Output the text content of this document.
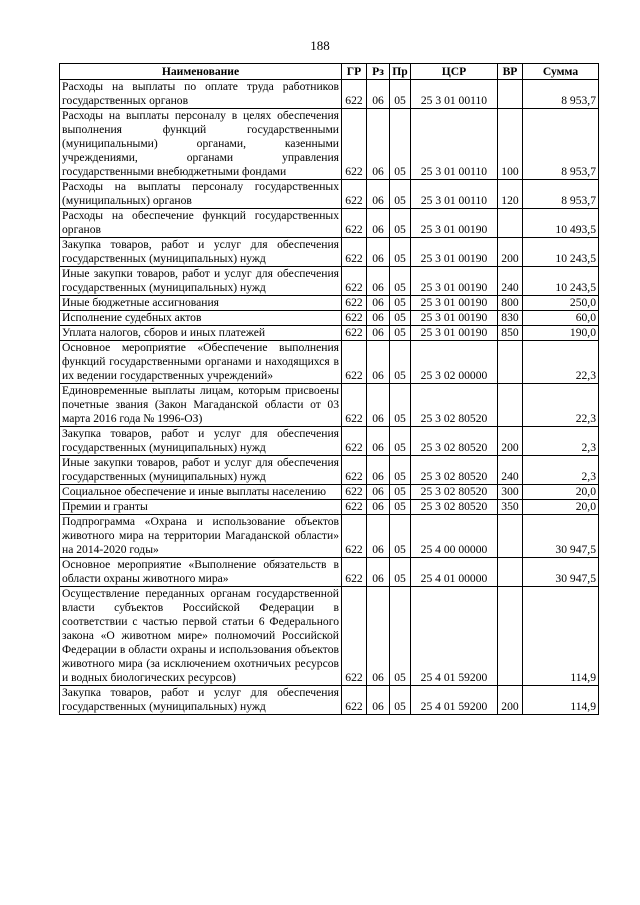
188
Наименование	ГР	Рз	Пр	ЦСР	ВР	Сумма
Расходы на выплаты по оплате труда работников государственных органов	622	06	05	25 3 01 00110		8 953,7
Расходы на выплаты персоналу в целях обеспечения выполнения функций государственными (муниципальными) органами, казенными учреждениями, органами управления государственными внебюджетными фондами	622	06	05	25 3 01 00110	100	8 953,7
Расходы на выплаты персоналу государственных (муниципальных) органов	622	06	05	25 3 01 00110	120	8 953,7
Расходы на обеспечение функций государственных органов	622	06	05	25 3 01 00190		10 493,5
Закупка товаров, работ и услуг для обеспечения государственных (муниципальных) нужд	622	06	05	25 3 01 00190	200	10 243,5
Иные закупки товаров, работ и услуг для обеспечения государственных (муниципальных) нужд	622	06	05	25 3 01 00190	240	10 243,5
Иные бюджетные ассигнования	622	06	05	25 3 01 00190	800	250,0
Исполнение судебных актов	622	06	05	25 3 01 00190	830	60,0
Уплата налогов, сборов и иных платежей	622	06	05	25 3 01 00190	850	190,0
Основное мероприятие «Обеспечение выполнения функций государственными органами и находящихся в их ведении государственных учреждений»	622	06	05	25 3 02 00000		22,3
Единовременные выплаты лицам, которым присвоены почетные звания (Закон Магаданской области от 03 марта 2016 года № 1996-ОЗ)	622	06	05	25 3 02 80520		22,3
Закупка товаров, работ и услуг для обеспечения государственных (муниципальных) нужд	622	06	05	25 3 02 80520	200	2,3
Иные закупки товаров, работ и услуг для обеспечения государственных (муниципальных) нужд	622	06	05	25 3 02 80520	240	2,3
Социальное обеспечение и иные выплаты населению	622	06	05	25 3 02 80520	300	20,0
Премии и гранты	622	06	05	25 3 02 80520	350	20,0
Подпрограмма «Охрана и использование объектов животного мира на территории Магаданской области» на 2014-2020 годы»	622	06	05	25 4 00 00000		30 947,5
Основное мероприятие «Выполнение обязательств в области охраны животного мира»	622	06	05	25 4 01 00000		30 947,5
Осуществление переданных органам государственной власти субъектов Российской Федерации в соответствии с частью первой статьи 6 Федерального закона «О животном мире» полномочий Российской Федерации в области охраны и использования объектов животного мира (за исключением охотничьих ресурсов и водных биологических ресурсов)	622	06	05	25 4 01 59200		114,9
Закупка товаров, работ и услуг для обеспечения государственных (муниципальных) нужд	622	06	05	25 4 01 59200	200	114,9
